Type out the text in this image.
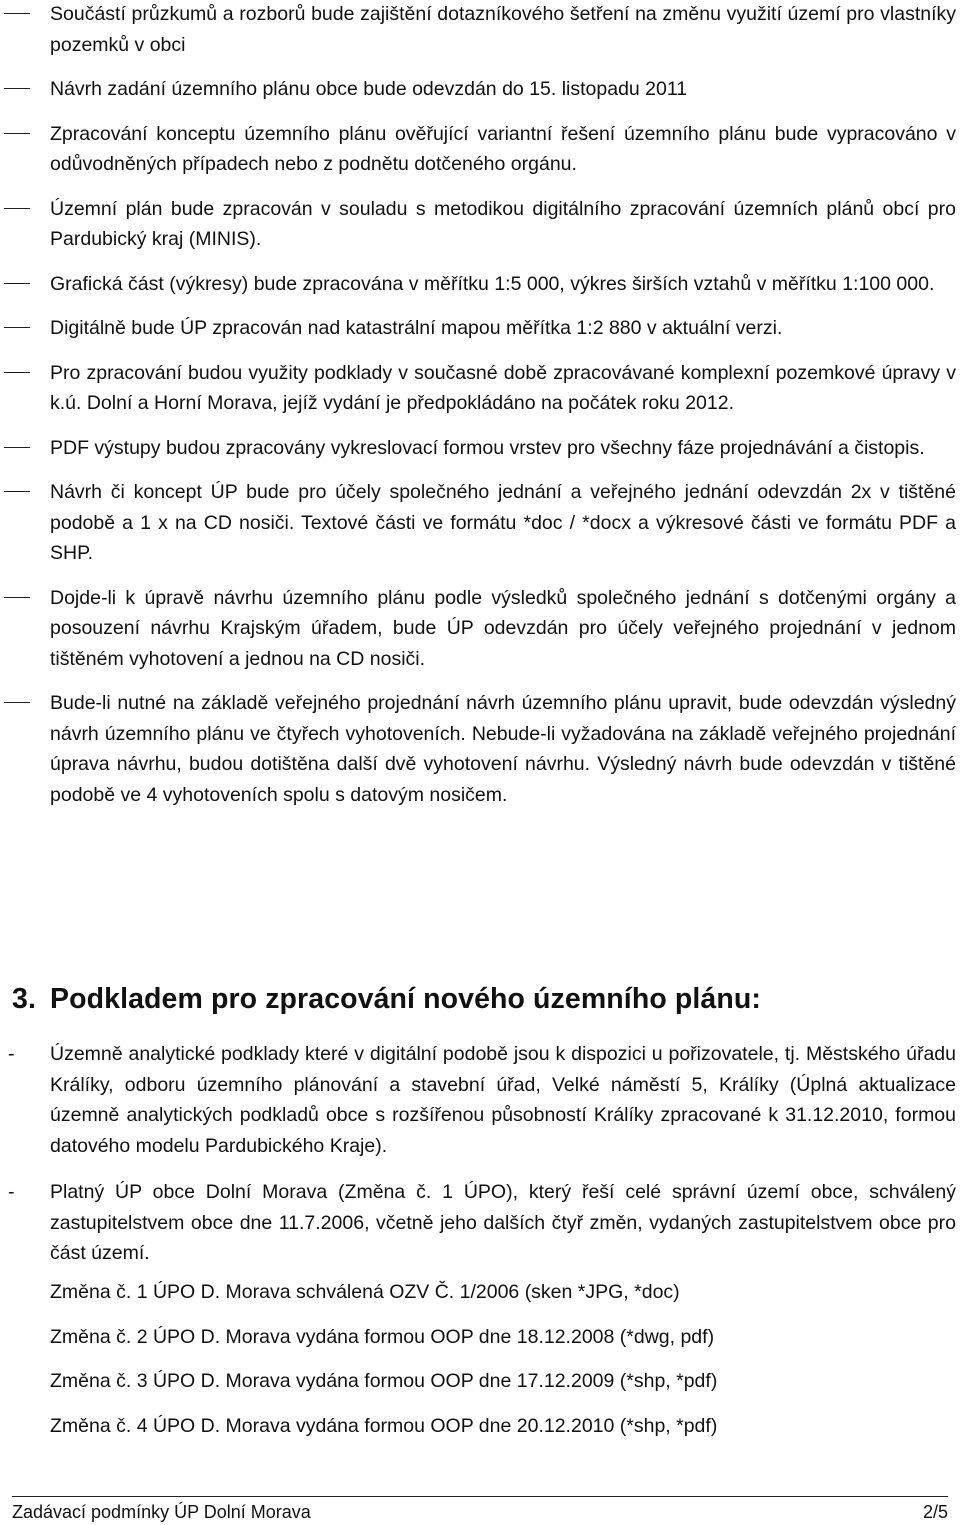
Součástí průzkumů a rozborů bude zajištění dotazníkového šetření na změnu využití území pro vlastníky pozemků v obci
Návrh zadání územního plánu obce bude odevzdán do 15. listopadu 2011
Zpracování konceptu územního plánu ověřující variantní řešení územního plánu bude vypracováno v odůvodněných případech nebo z podnětu dotčeného orgánu.
Územní plán bude zpracován v souladu s metodikou digitálního zpracování územních plánů obcí pro Pardubický kraj (MINIS).
Grafická část (výkresy) bude zpracována v měřítku 1:5 000, výkres širších vztahů v měřítku 1:100 000.
Digitálně bude ÚP zpracován nad katastrální mapou měřítka 1:2 880 v aktuální verzi.
Pro zpracování budou využity podklady v současné době zpracovávané komplexní pozemkové úpravy v k.ú. Dolní a Horní Morava, jejíž vydání je předpokládáno na počátek roku 2012.
PDF výstupy budou zpracovány vykreslovací formou vrstev pro všechny fáze projednávání a čistopis.
Návrh či koncept ÚP bude pro účely společného jednání a veřejného jednání odevzdán 2x v tištěné podobě a 1 x na CD nosiči. Textové části ve formátu *doc / *docx a výkresové části ve formátu PDF a SHP.
Dojde-li k úpravě návrhu územního plánu podle výsledků společného jednání s dotčenými orgány a posouzení návrhu Krajským úřadem, bude ÚP odevzdán pro účely veřejného projednání v jednom tištěném vyhotovení a jednou na CD nosiči.
Bude-li nutné na základě veřejného projednání návrh územního plánu upravit, bude odevzdán výsledný návrh územního plánu ve čtyřech vyhotoveních. Nebude-li vyžadována na základě veřejného projednání úprava návrhu, budou dotištěna další dvě vyhotovení návrhu. Výsledný návrh bude odevzdán v tištěné podobě ve 4 vyhotoveních spolu s datovým nosičem.
3. Podkladem pro zpracování nového územního plánu:
- Územně analytické podklady které v digitální podobě jsou k dispozici u pořizovatele, tj. Městského úřadu Králíky, odboru územního plánování a stavební úřad, Velké náměstí 5, Králíky (Úplná aktualizace územně analytických podkladů obce s rozšířenou působností Králíky zpracované k 31.12.2010, formou datového modelu Pardubického Kraje).
- Platný ÚP obce Dolní Morava (Změna č. 1 ÚPO), který řeší celé správní území obce, schválený zastupitelstvem obce dne 11.7.2006, včetně jeho dalších čtyř změn, vydaných zastupitelstvem obce pro část území.
Změna č. 1 ÚPO D. Morava schválená OZV Č. 1/2006 (sken *JPG, *doc)
Změna č. 2 ÚPO D. Morava vydána formou OOP dne 18.12.2008 (*dwg, pdf)
Změna č. 3 ÚPO D. Morava vydána formou OOP dne 17.12.2009 (*shp, *pdf)
Změna č. 4 ÚPO D. Morava vydána formou OOP dne 20.12.2010 (*shp, *pdf)
Zadávací podmínky ÚP Dolní Morava	2/5
